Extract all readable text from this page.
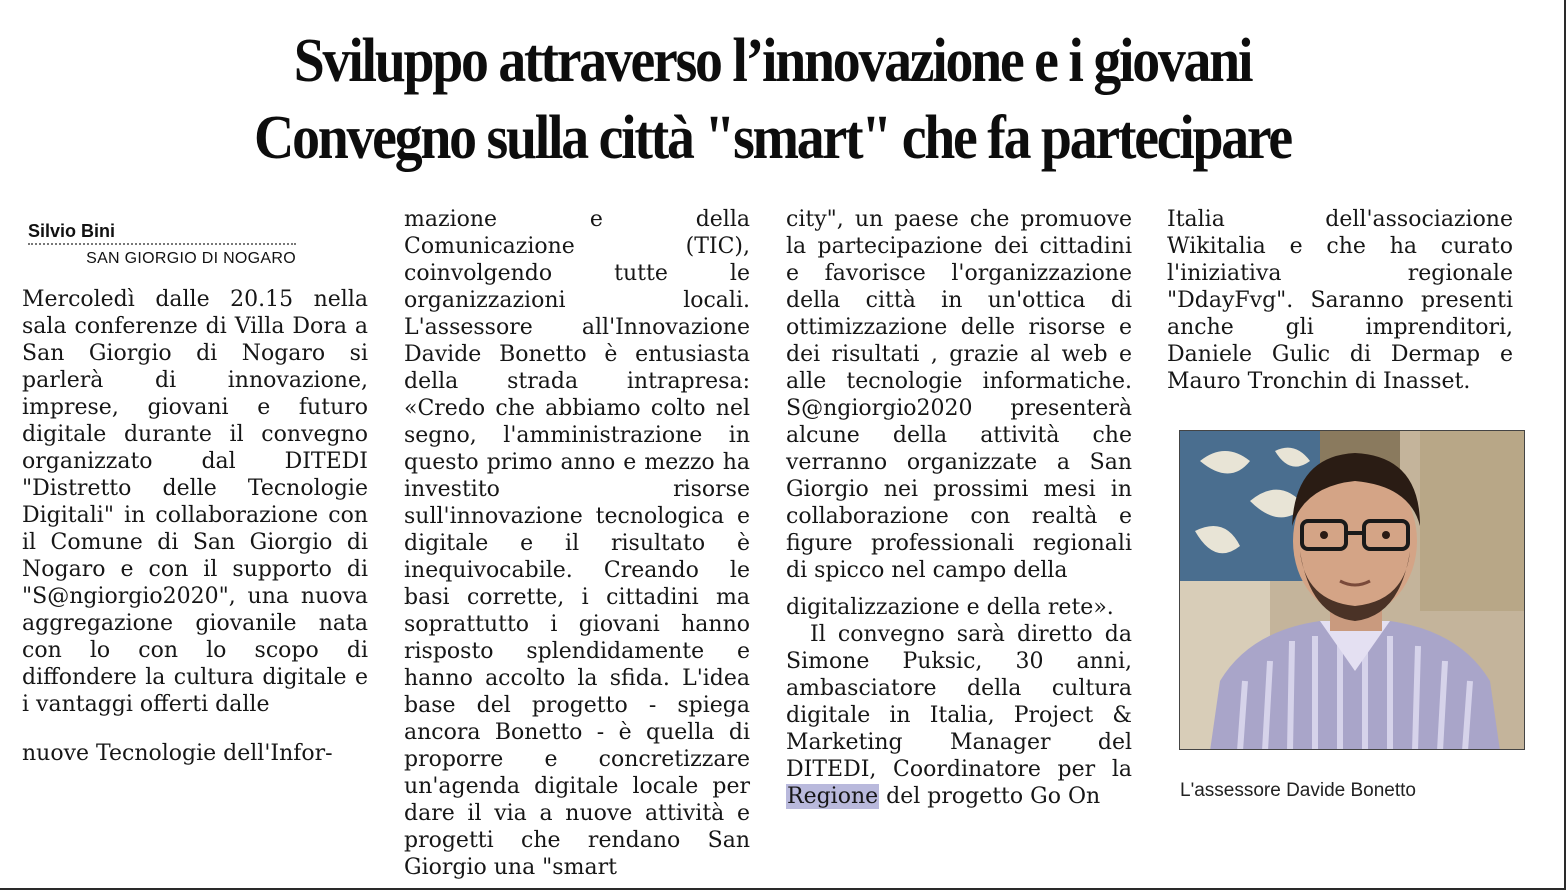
Sviluppo attraverso l’innovazione e i giovani
Convegno sulla città "smart" che fa partecipare
Silvio Bini
SAN GIORGIO DI NOGARO

Mercoledì dalle 20.15 nella sala conferenze di Villa Dora a San Giorgio di Nogaro si parlerà di innovazione, imprese, giovani e futuro digitale durante il convegno organizzato dal DITEDI "Distretto delle Tecnologie Digitali" in collaborazione con il Comune di San Giorgio di Nogaro e con il supporto di "S@ngiorgio2020", una nuova aggregazione giovanile nata con lo con lo scopo di diffondere la cultura digitale e i vantaggi offerti dalle

nuove Tecnologie dell'Infor-

mazione e della Comunicazione (TIC), coinvolgendo tutte le organizzazioni locali. L'assessore all'Innovazione Davide Bonetto è entusiasta della strada intrapresa: «Credo che abbiamo colto nel segno, l'amministrazione in questo primo anno e mezzo ha investito risorse sull'innovazione tecnologica e digitale e il risultato è inequivocabile. Creando le basi corrette, i cittadini ma soprattutto i giovani hanno risposto splendidamente e hanno accolto la sfida. L'idea base del progetto - spiega ancora Bonetto - è quella di proporre e concretizzare un'agenda digitale locale per dare il via a nuove attività e progetti che rendano San Giorgio una "smart

city", un paese che promuove la partecipazione dei cittadini e favorisce l'organizzazione della città in un'ottica di ottimizzazione delle risorse e dei risultati , grazie al web e alle tecnologie informatiche. S@ngiorgio2020 presenterà alcune della attività che verranno organizzate a San Giorgio nei prossimi mesi in collaborazione con realtà e figure professionali regionali di spicco nel campo della

digitalizzazione e della rete».

Il convegno sarà diretto da Simone Puksic, 30 anni, ambasciatore della cultura digitale in Italia, Project & Marketing Manager del DITEDI, Coordinatore per la Regione del progetto Go On

Italia dell'associazione Wikitalia e che ha curato l'iniziativa regionale "DdayFvg". Saranno presenti anche gli imprenditori, Daniele Gulic di Dermap e Mauro Tronchin di Inasset.

L'assessore Davide Bonetto
